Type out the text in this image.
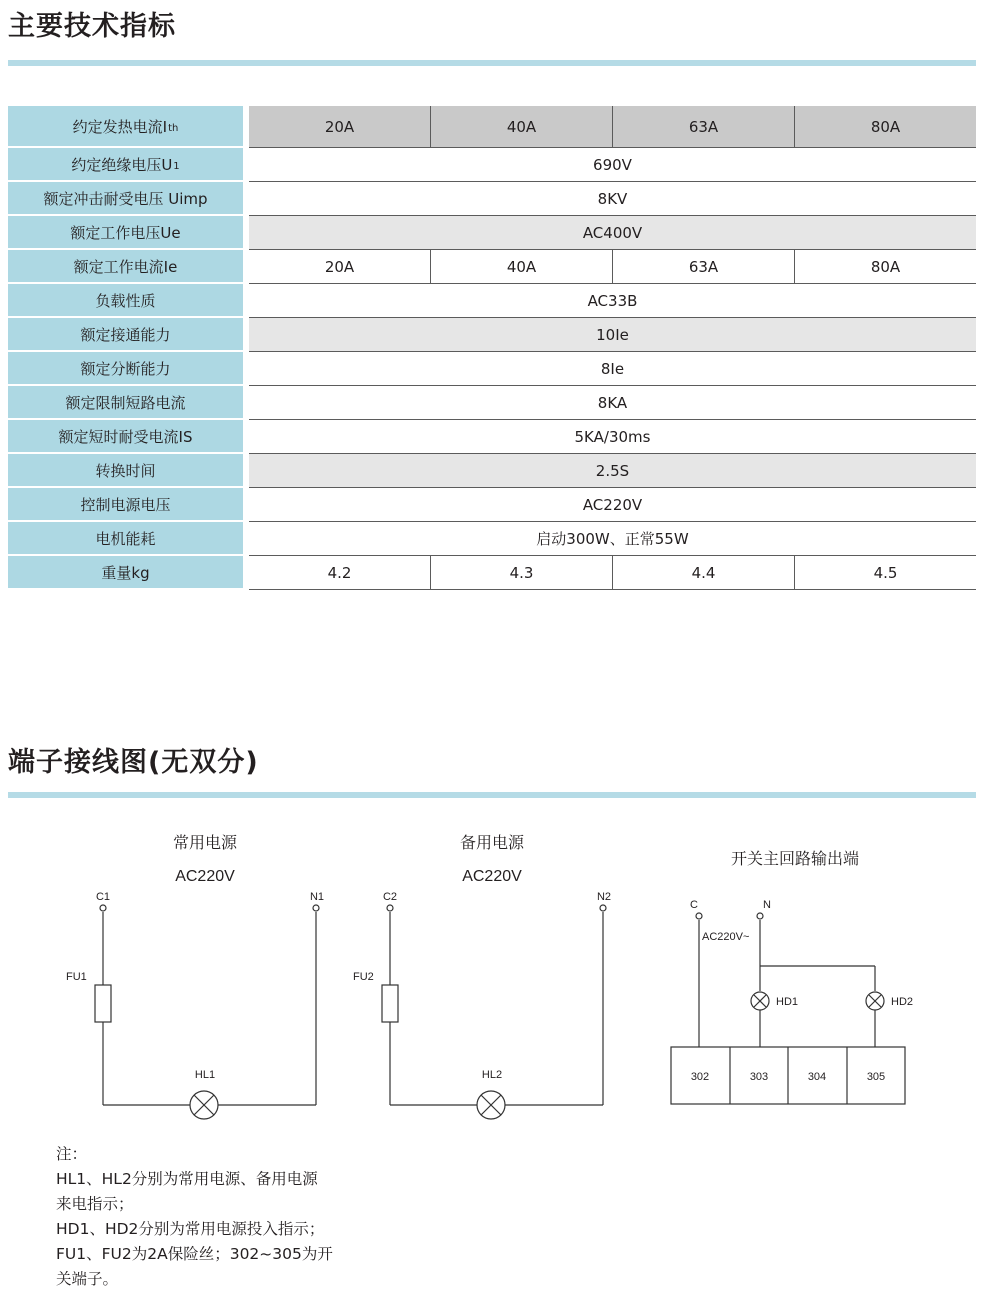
主要技术指标
约定发热电流I th	20A	40A	63A	80A
约定绝缘电压U 1	690V
额定冲击耐受电压 Uimp	8KV
额定工作电压Ue	AC400V
额定工作电流Ie	20A	40A	63A	80A
负载性质	AC33B
额定接通能力	10Ie
额定分断能力	8Ie
额定限制短路电流	8KA
额定短时耐受电流IS	5KA/30ms
转换时间	2.5S
控制电源电压	AC220V
电机能耗	启动300W、正常55W
重量kg	4.2	4.3	4.4	4.5
端子接线图(无双分)
常用电源
AC220V
C1	N1
FU1
HL1
备用电源
AC220V
C2	N2
FU2
HL2
开关主回路输出端
C	N
AC220V~
HD1	HD2
302	303	304	305
注：
HL1、HL2分别为常用电源、备用电源
来电指示；
HD1、HD2分别为常用电源投入指示；
FU1、FU2为2A保险丝；302~305为开
关端子。
